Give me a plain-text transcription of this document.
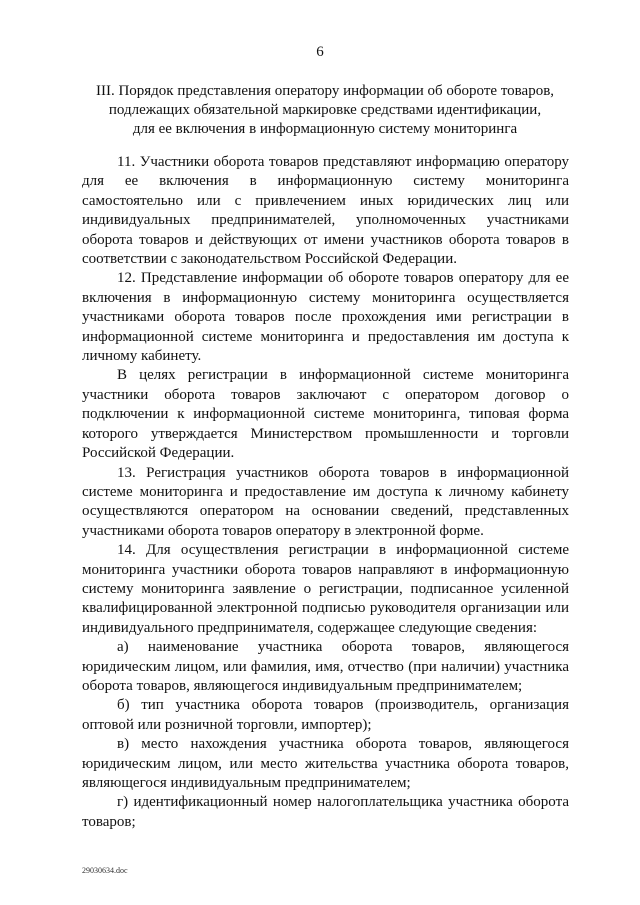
6
III. Порядок представления оператору информации об обороте товаров,
подлежащих обязательной маркировке средствами идентификации,
для ее включения в информационную систему мониторинга

11. Участники оборота товаров представляют информацию оператору для ее включения в информационную систему мониторинга самостоятельно или с привлечением иных юридических лиц или индивидуальных предпринимателей, уполномоченных участниками оборота товаров и действующих от имени участников оборота товаров в соответствии с законодательством Российской Федерации.

12. Представление информации об обороте товаров оператору для ее включения в информационную систему мониторинга осуществляется участниками оборота товаров после прохождения ими регистрации в информационной системе мониторинга и предоставления им доступа к личному кабинету.

В целях регистрации в информационной системе мониторинга участники оборота товаров заключают с оператором договор о подключении к информационной системе мониторинга, типовая форма которого утверждается Министерством промышленности и торговли Российской Федерации.

13. Регистрация участников оборота товаров в информационной системе мониторинга и предоставление им доступа к личному кабинету осуществляются оператором на основании сведений, представленных участниками оборота товаров оператору в электронной форме.

14. Для осуществления регистрации в информационной системе мониторинга участники оборота товаров направляют в информационную систему мониторинга заявление о регистрации, подписанное усиленной квалифицированной электронной подписью руководителя организации или индивидуального предпринимателя, содержащее следующие сведения:

а) наименование участника оборота товаров, являющегося юридическим лицом, или фамилия, имя, отчество (при наличии) участника оборота товаров, являющегося индивидуальным предпринимателем;

б) тип участника оборота товаров (производитель, организация оптовой или розничной торговли, импортер);

в) место нахождения участника оборота товаров, являющегося юридическим лицом, или место жительства участника оборота товаров, являющегося индивидуальным предпринимателем;

г) идентификационный номер налогоплательщика участника оборота товаров;

29030634.doc
